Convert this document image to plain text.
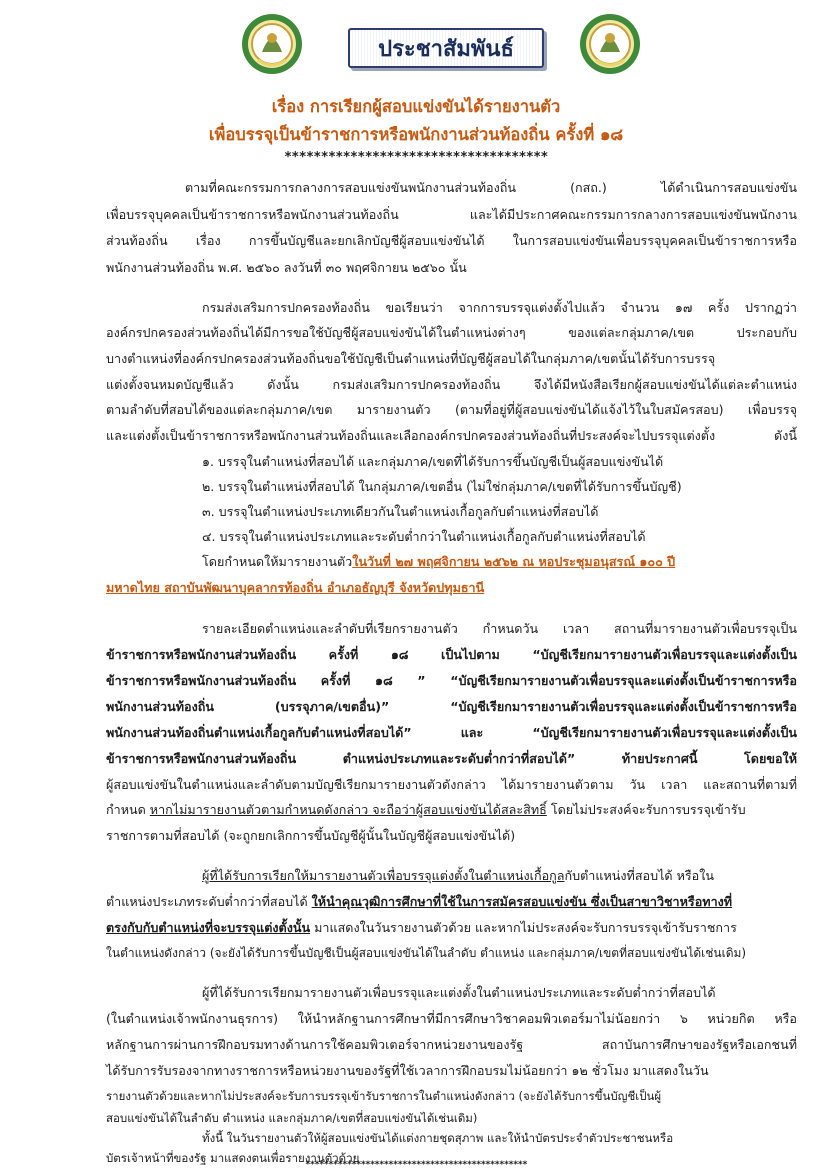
ประชาสัมพันธ์
เรื่อง การเรียกผู้สอบแข่งขันได้รายงานตัว
เพื่อบรรจุเป็นข้าราชการหรือพนักงานส่วนท้องถิ่น ครั้งที่ ๑๘
************************************
ตามที่คณะกรรมการกลางการสอบแข่งขันพนักงานส่วนท้องถิ่น (กสถ.) ได้ดำเนินการสอบแข่งขัน
เพื่อบรรจุบุคคลเป็นข้าราชการหรือพนักงานส่วนท้องถิ่น และได้มีประกาศคณะกรรมการกลางการสอบแข่งขันพนักงาน
ส่วนท้องถิ่น เรื่อง การขึ้นบัญชีและยกเลิกบัญชีผู้สอบแข่งขันได้ ในการสอบแข่งขันเพื่อบรรจุบุคคลเป็นข้าราชการหรือ
พนักงานส่วนท้องถิ่น พ.ศ. ๒๕๖๐ ลงวันที่ ๓๐ พฤศจิกายน ๒๕๖๐ นั้น
กรมส่งเสริมการปกครองท้องถิ่น ขอเรียนว่า จากการบรรจุแต่งตั้งไปแล้ว จำนวน ๑๗ ครั้ง ปรากฏว่า
องค์กรปกครองส่วนท้องถิ่นได้มีการขอใช้บัญชีผู้สอบแข่งขันได้ในตำแหน่งต่างๆ ของแต่ละกลุ่มภาค/เขต ประกอบกับ
บางตำแหน่งที่องค์กรปกครองส่วนท้องถิ่นขอใช้บัญชีเป็นตำแหน่งที่บัญชีผู้สอบได้ในกลุ่มภาค/เขตนั้นได้รับการบรรจุ
แต่งตั้งจนหมดบัญชีแล้ว ดังนั้น กรมส่งเสริมการปกครองท้องถิ่น จึงได้มีหนังสือเรียกผู้สอบแข่งขันได้แต่ละตำแหน่ง
ตามลำดับที่สอบได้ของแต่ละกลุ่มภาค/เขต มารายงานตัว (ตามที่อยู่ที่ผู้สอบแข่งขันได้แจ้งไว้ในใบสมัครสอบ) เพื่อบรรจุ
และแต่งตั้งเป็นข้าราชการหรือพนักงานส่วนท้องถิ่นและเลือกองค์กรปกครองส่วนท้องถิ่นที่ประสงค์จะไปบรรจุแต่งตั้ง ดังนี้
๑. บรรจุในตำแหน่งที่สอบได้ และกลุ่มภาค/เขตที่ได้รับการขึ้นบัญชีเป็นผู้สอบแข่งขันได้
๒. บรรจุในตำแหน่งที่สอบได้ ในกลุ่มภาค/เขตอื่น (ไม่ใช่กลุ่มภาค/เขตที่ได้รับการขึ้นบัญชี)
๓. บรรจุในตำแหน่งประเภทเดียวกันในตำแหน่งเกื้อกูลกับตำแหน่งที่สอบได้
๔. บรรจุในตำแหน่งประเภทและระดับต่ำกว่าในตำแหน่งเกื้อกูลกับตำแหน่งที่สอบได้
โดยกำหนดให้มารายงานตัวในวันที่ ๒๗ พฤศจิกายน ๒๕๖๒ ณ หอประชุมอนุสรณ์ ๑๐๐ ปี
มหาดไทย สถาบันพัฒนาบุคลากรท้องถิ่น อำเภอธัญบุรี จังหวัดปทุมธานี
รายละเอียดตำแหน่งและลำดับที่เรียกรายงานตัว กำหนดวัน เวลา สถานที่มารายงานตัวเพื่อบรรจุเป็น
ข้าราชการหรือพนักงานส่วนท้องถิ่น ครั้งที่ ๑๘ เป็นไปตาม “บัญชีเรียกมารายงานตัวเพื่อบรรจุและแต่งตั้งเป็น
ข้าราชการหรือพนักงานส่วนท้องถิ่น ครั้งที่ ๑๘ ” “บัญชีเรียกมารายงานตัวเพื่อบรรจุและแต่งตั้งเป็นข้าราชการหรือ
พนักงานส่วนท้องถิ่น (บรรจุภาค/เขตอื่น)” “บัญชีเรียกมารายงานตัวเพื่อบรรจุและแต่งตั้งเป็นข้าราชการหรือ
พนักงานส่วนท้องถิ่นตำแหน่งเกื้อกูลกับตำแหน่งที่สอบได้” และ “บัญชีเรียกมารายงานตัวเพื่อบรรจุและแต่งตั้งเป็น
ข้าราชการหรือพนักงานส่วนท้องถิ่น ตำแหน่งประเภทและระดับต่ำกว่าที่สอบได้” ท้ายประกาศนี้ โดยขอให้
ผู้สอบแข่งขันในตำแหน่งและลำดับตามบัญชีเรียกมารายงานตัวดังกล่าว ได้มารายงานตัวตาม วัน เวลา และสถานที่ตามที่
กำหนด หากไม่มารายงานตัวตามกำหนดดังกล่าว จะถือว่าผู้สอบแข่งขันได้สละสิทธิ์ โดยไม่ประสงค์จะรับการบรรจุเข้ารับ
ราชการตามที่สอบได้ (จะถูกยกเลิกการขึ้นบัญชีผู้นั้นในบัญชีผู้สอบแข่งขันได้)
ผู้ที่ได้รับการเรียกให้มารายงานตัวเพื่อบรรจุแต่งตั้งในตำแหน่งเกื้อกูลกับตำแหน่งที่สอบได้ หรือใน
ตำแหน่งประเภทระดับต่ำกว่าที่สอบได้ ให้นำคุณวุฒิการศึกษาที่ใช้ในการสมัครสอบแข่งขัน ซึ่งเป็นสาขาวิชาหรือทางที่
ตรงกับกับตำแหน่งที่จะบรรจุแต่งตั้งนั้น มาแสดงในวันรายงานตัวด้วย และหากไม่ประสงค์จะรับการบรรจุเข้ารับราชการ
ในตำแหน่งดังกล่าว (จะยังได้รับการขึ้นบัญชีเป็นผู้สอบแข่งขันได้ในลำดับ ตำแหน่ง และกลุ่มภาค/เขตที่สอบแข่งขันได้เช่นเดิม)
ผู้ที่ได้รับการเรียกมารายงานตัวเพื่อบรรจุและแต่งตั้งในตำแหน่งประเภทและระดับต่ำกว่าที่สอบได้
(ในตำแหน่งเจ้าพนักงานธุรการ) ให้นำหลักฐานการศึกษาที่มีการศึกษาวิชาคอมพิวเตอร์มาไม่น้อยกว่า ๖ หน่วยกิต หรือ
หลักฐานการผ่านการฝึกอบรมทางด้านการใช้คอมพิวเตอร์จากหน่วยงานของรัฐ สถาบันการศึกษาของรัฐหรือเอกชนที่
ได้รับการรับรองจากทางราชการหรือหน่วยงานของรัฐที่ใช้เวลาการฝึกอบรมไม่น้อยกว่า ๑๒ ชั่วโมง มาแสดงในวัน
รายงานตัวด้วยและหากไม่ประสงค์จะรับการบรรจุเข้ารับราชการในตำแหน่งดังกล่าว (จะยังได้รับการขึ้นบัญชีเป็นผู้
สอบแข่งขันได้ในลำดับ ตำแหน่ง และกลุ่มภาค/เขตที่สอบแข่งขันได้เช่นเดิม)
ทั้งนี้ ในวันรายงานตัวให้ผู้สอบแข่งขันได้แต่งกายชุดสุภาพ และให้นำบัตรประจำตัวประชาชนหรือ
บัตรเจ้าหน้าที่ของรัฐ มาแสดงตนเพื่อรายงานตัวด้วย
************************************************
